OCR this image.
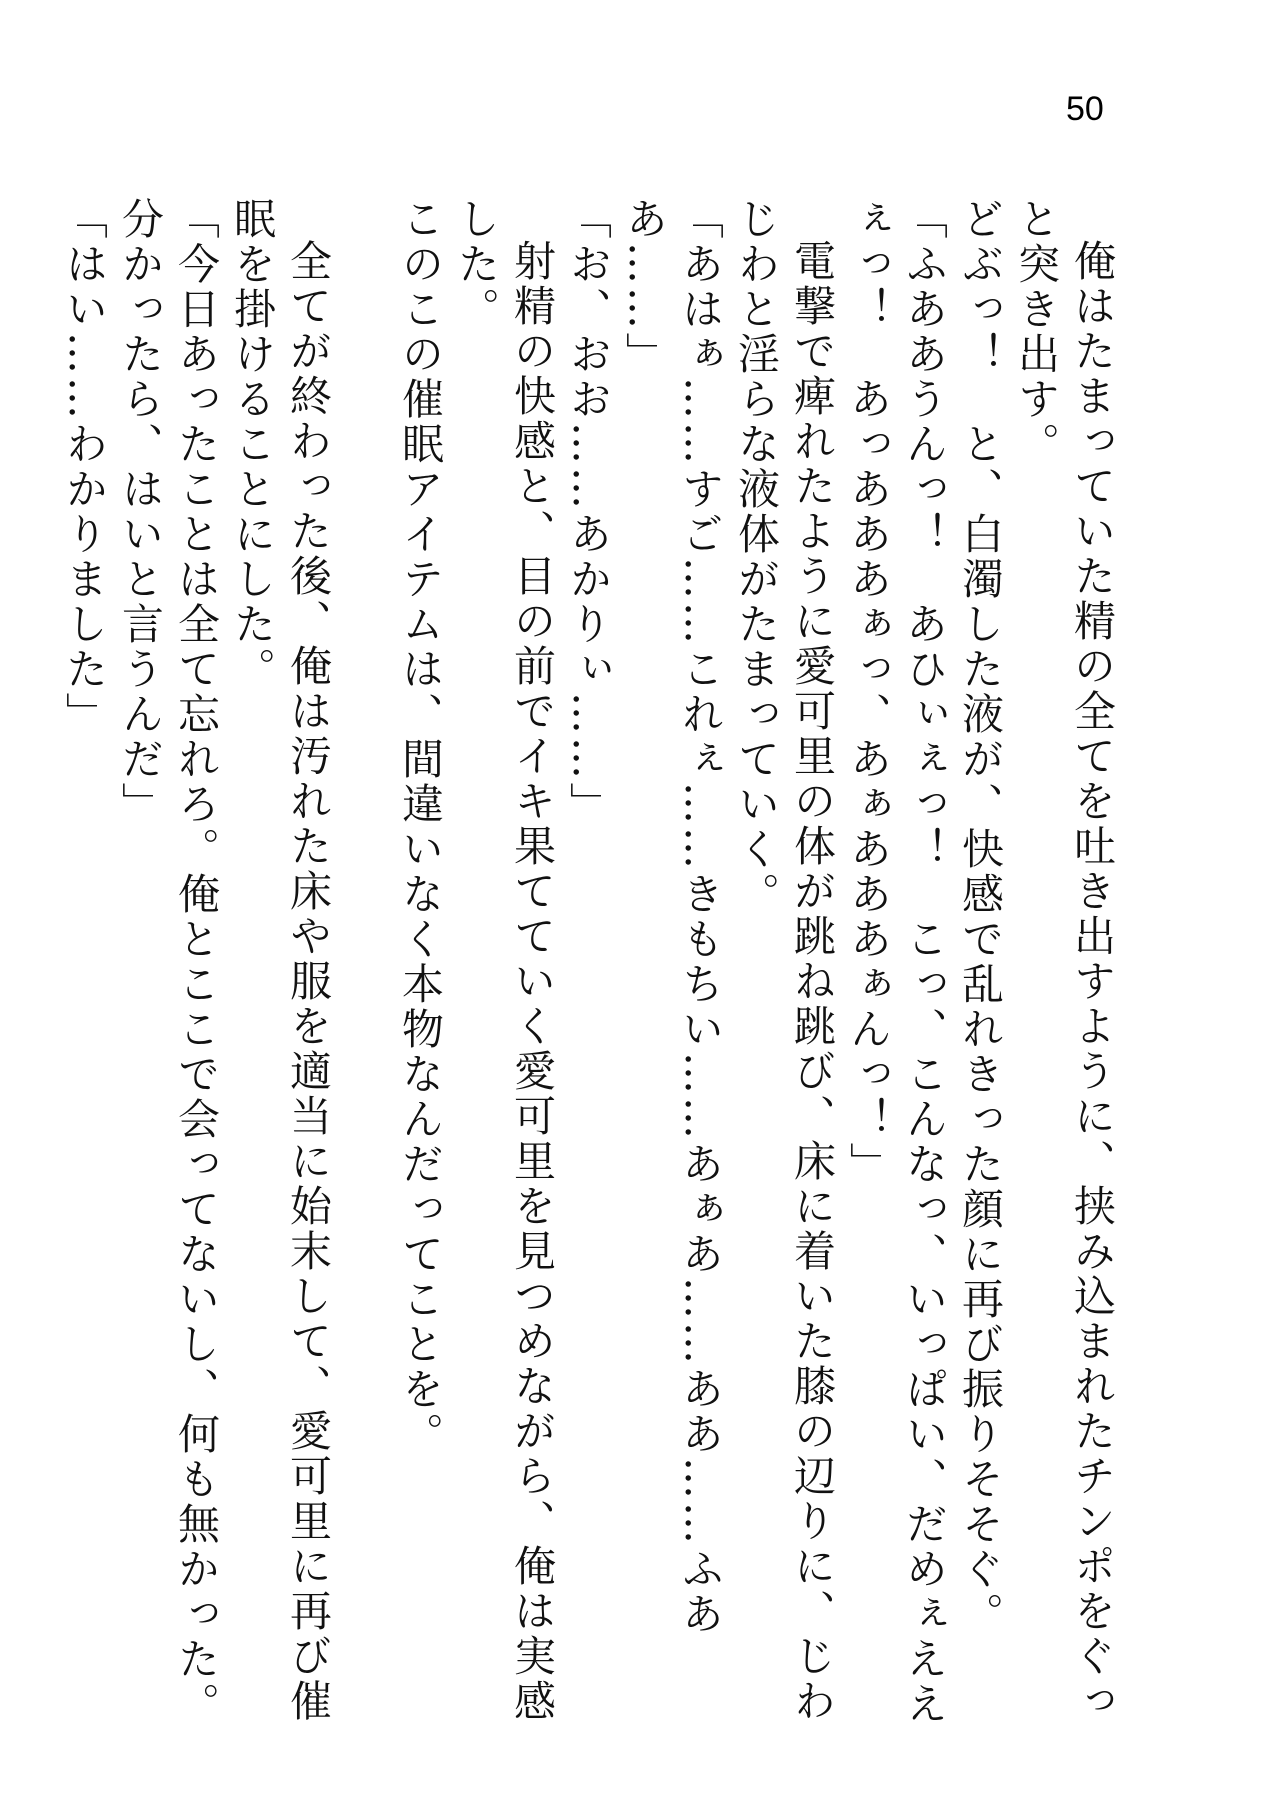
50

俺はたまっていた精の全てを吐き出すように、挟み込まれたチンポをぐっと突き出す。

どぶっ！　と、白濁した液が、快感で乱れきった顔に再び振りそそぐ。

「ふああうんっ！　あひぃぇっ！　こっ、こんなっ、いっぱい、だめぇええぇっ！　あっあああぁっ、あぁあああぁんっ！」

電撃で痺れたように愛可里の体が跳ね跳び、床に着いた膝の辺りに、じわじわと淫らな液体がたまっていく。

「あはぁ……すご……これぇ……きもちい……あぁあ……ああ……ふああ……」

「お、おお……あかりぃ……」

射精の快感と、目の前でイキ果てていく愛可里を見つめながら、俺は実感した。

このこの催眠アイテムは、間違いなく本物なんだってことを。

全てが終わった後、俺は汚れた床や服を適当に始末して、愛可里に再び催眠を掛けることにした。

「今日あったことは全て忘れろ。俺とここで会ってないし、何も無かった。分かったら、はいと言うんだ」

「はい……わかりました」
